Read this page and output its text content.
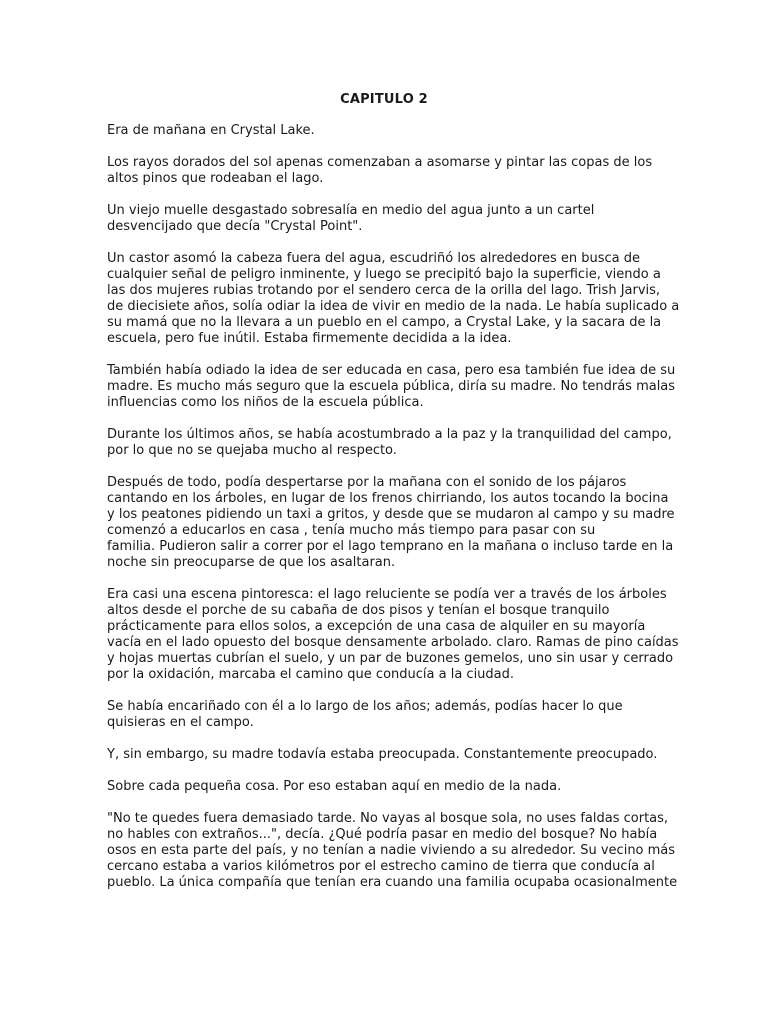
CAPITULO 2

Era de mañana en Crystal Lake.

Los rayos dorados del sol apenas comenzaban a asomarse y pintar las copas de los
altos pinos que rodeaban el lago.

Un viejo muelle desgastado sobresalía en medio del agua junto a un cartel
desvencijado que decía "Crystal Point".

Un castor asomó la cabeza fuera del agua, escudriñó los alrededores en busca de
cualquier señal de peligro inminente, y luego se precipitó bajo la superficie, viendo a
las dos mujeres rubias trotando por el sendero cerca de la orilla del lago. Trish Jarvis,
de diecisiete años, solía odiar la idea de vivir en medio de la nada. Le había suplicado a
su mamá que no la llevara a un pueblo en el campo, a Crystal Lake, y la sacara de la
escuela, pero fue inútil. Estaba firmemente decidida a la idea.

También había odiado la idea de ser educada en casa, pero esa también fue idea de su
madre. Es mucho más seguro que la escuela pública, diría su madre. No tendrás malas
influencias como los niños de la escuela pública.

Durante los últimos años, se había acostumbrado a la paz y la tranquilidad del campo,
por lo que no se quejaba mucho al respecto.

Después de todo, podía despertarse por la mañana con el sonido de los pájaros
cantando en los árboles, en lugar de los frenos chirriando, los autos tocando la bocina
y los peatones pidiendo un taxi a gritos, y desde que se mudaron al campo y su madre
comenzó a educarlos en casa , tenía mucho más tiempo para pasar con su
familia. Pudieron salir a correr por el lago temprano en la mañana o incluso tarde en la
noche sin preocuparse de que los asaltaran.

Era casi una escena pintoresca: el lago reluciente se podía ver a través de los árboles
altos desde el porche de su cabaña de dos pisos y tenían el bosque tranquilo
prácticamente para ellos solos, a excepción de una casa de alquiler en su mayoría
vacía en el lado opuesto del bosque densamente arbolado. claro. Ramas de pino caídas
y hojas muertas cubrían el suelo, y un par de buzones gemelos, uno sin usar y cerrado
por la oxidación, marcaba el camino que conducía a la ciudad.

Se había encariñado con él a lo largo de los años; además, podías hacer lo que
quisieras en el campo.

Y, sin embargo, su madre todavía estaba preocupada. Constantemente preocupado.

Sobre cada pequeña cosa. Por eso estaban aquí en medio de la nada.

"No te quedes fuera demasiado tarde. No vayas al bosque sola, no uses faldas cortas,
no hables con extraños...", decía. ¿Qué podría pasar en medio del bosque? No había
osos en esta parte del país, y no tenían a nadie viviendo a su alrededor. Su vecino más
cercano estaba a varios kilómetros por el estrecho camino de tierra que conducía al
pueblo. La única compañía que tenían era cuando una familia ocupaba ocasionalmente
